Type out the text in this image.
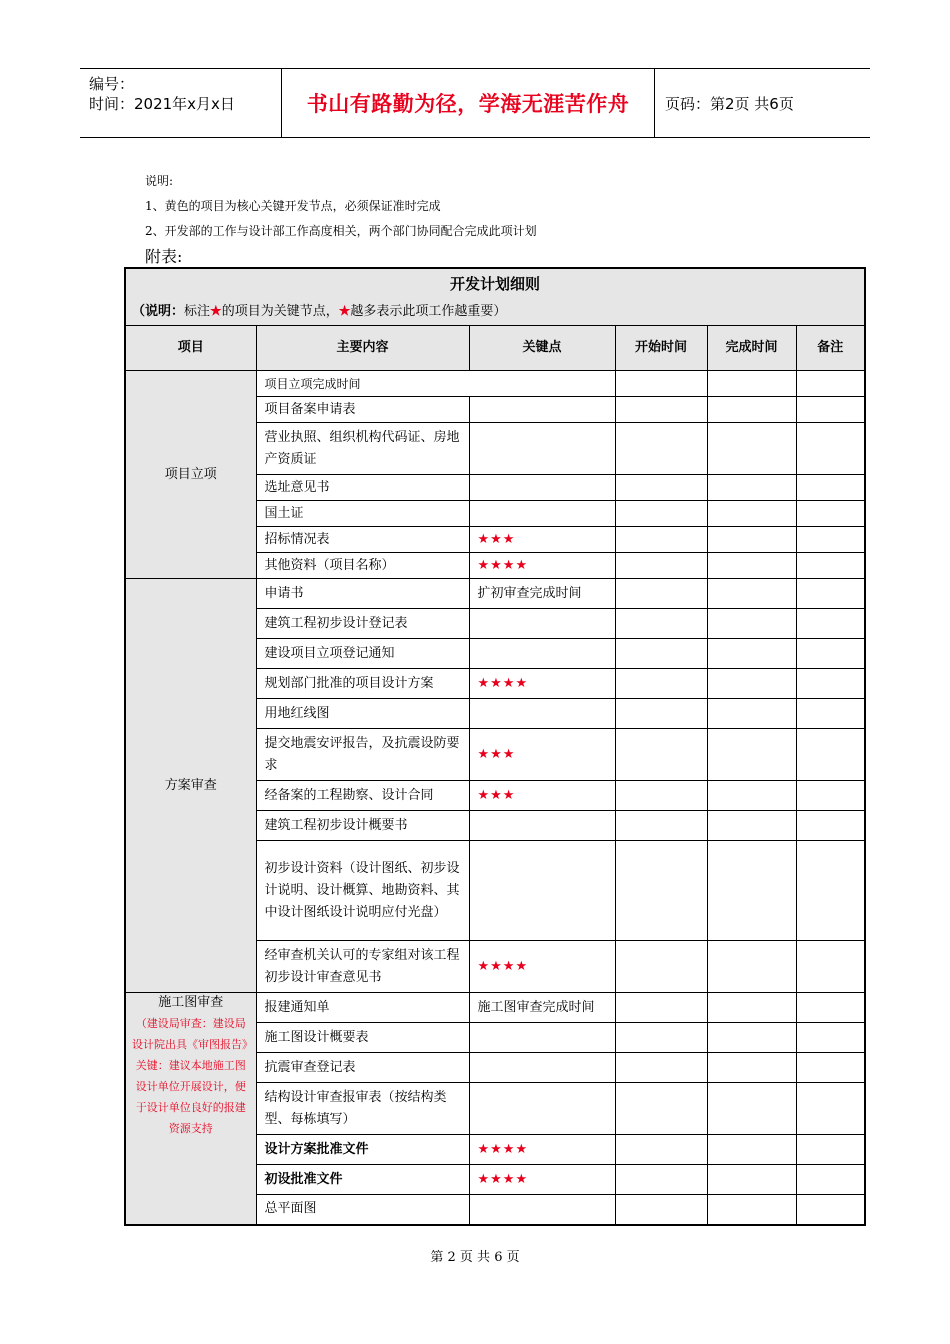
编号：
时间：2021年x月x日	书山有路勤为径，学海无涯苦作舟	页码：第2页 共6页
说明:
1、黄色的项目为核心关键开发节点，必须保证准时完成
2、开发部的工作与设计部工作高度相关，两个部门协同配合完成此项计划
附表:
开发计划细则
（说明：标注★的项目为关键节点，★越多表示此项工作越重要）					

项目	主要内容	关键点	开始时间	完成时间	备注
项目立项	项目立项完成时间				
	项目备案申请表				
	营业执照、组织机构代码证、房地产资质证				
	选址意见书				
	国土证				
	招标情况表	★★★			
	其他资料（项目名称）	★★★★			
方案审查	申请书	扩初审查完成时间			
	建筑工程初步设计登记表				
	建设项目立项登记通知				
	规划部门批准的项目设计方案	★★★★			
	用地红线图				
	提交地震安评报告，及抗震设防要求	★★★			
	经备案的工程勘察、设计合同	★★★			
	建筑工程初步设计概要书				
	初步设计资料（设计图纸、初步设计说明、设计概算、地勘资料、其中设计图纸设计说明应付光盘）				
	经审查机关认可的专家组对该工程初步设计审查意见书	★★★★			

施工图审查
（建设局审查：建设局设计院出具《审图报告》
关键：建议本地施工图设计单位开展设计，便于设计单位良好的报建资源支持	报建通知单	施工图审查完成时间			
	施工图设计概要表				
	抗震审查登记表				
	结构设计审查报审表（按结构类型、每栋填写）				
	设计方案批准文件	★★★★			
	初设批准文件	★★★★			
	总平面图				
第 2 页 共 6 页
